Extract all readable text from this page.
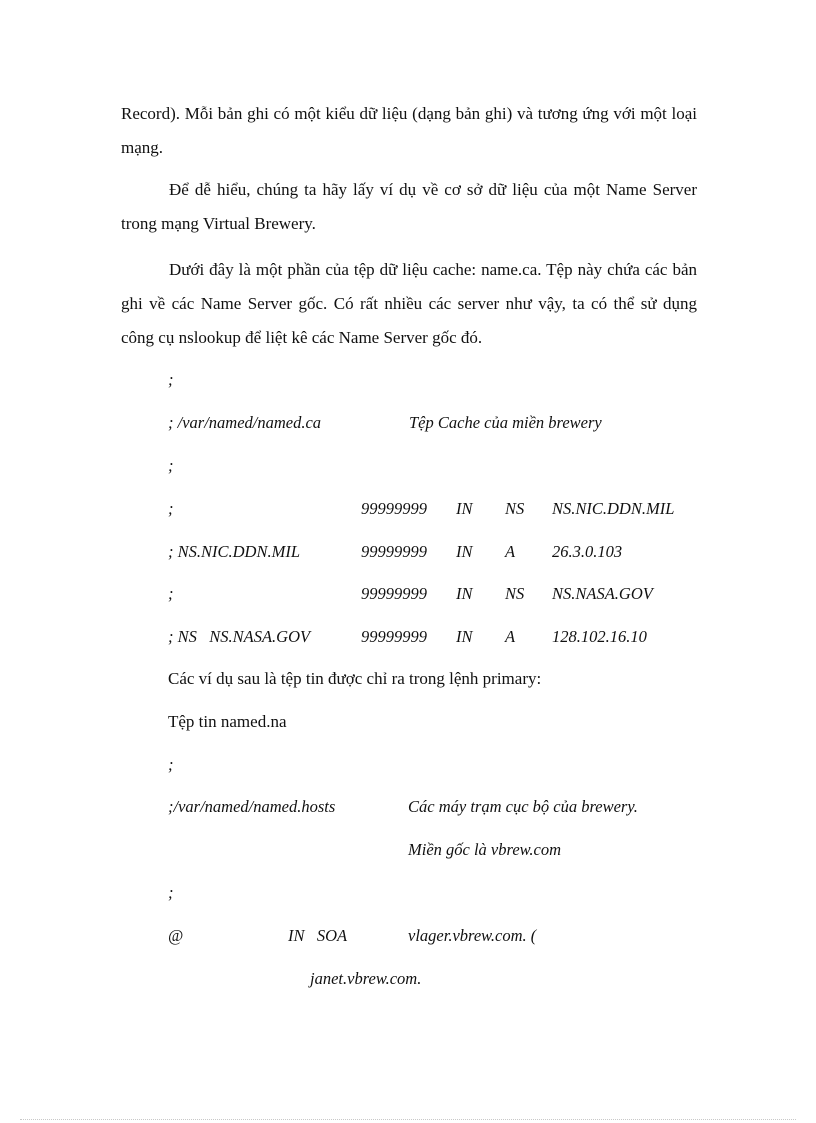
Record). Mỗi bản ghi có một kiểu dữ liệu (dạng bản ghi) và tương ứng với một loại mạng.

Để dễ hiểu, chúng ta hãy lấy ví dụ về cơ sở dữ liệu của một Name Server trong mạng Virtual Brewery.

Dưới đây là một phần của tệp dữ liệu cache: name.ca. Tệp này chứa các bản ghi về các Name Server gốc. Có rất nhiều các server như vậy, ta có thể sử dụng công cụ nslookup để liệt kê các Name Server gốc đó.

;
; /var/named/named.ca	Tệp Cache của miền brewery
;
;	99999999 IN NS NS.NIC.DDN.MIL
; NS.NIC.DDN.MIL	99999999 IN A 26.3.0.103
;	99999999 IN NS NS.NASA.GOV
; NS   NS.NASA.GOV	99999999 IN A 128.102.16.10
Các ví dụ sau là tệp tin được chỉ ra trong lệnh primary:
Tệp tin named.na
;
;/var/named/named.hosts	Các máy trạm cục bộ của brewery.
Miền gốc là vbrew.com
;
@	IN   SOA	vlager.vbrew.com. (
janet.vbrew.com.
